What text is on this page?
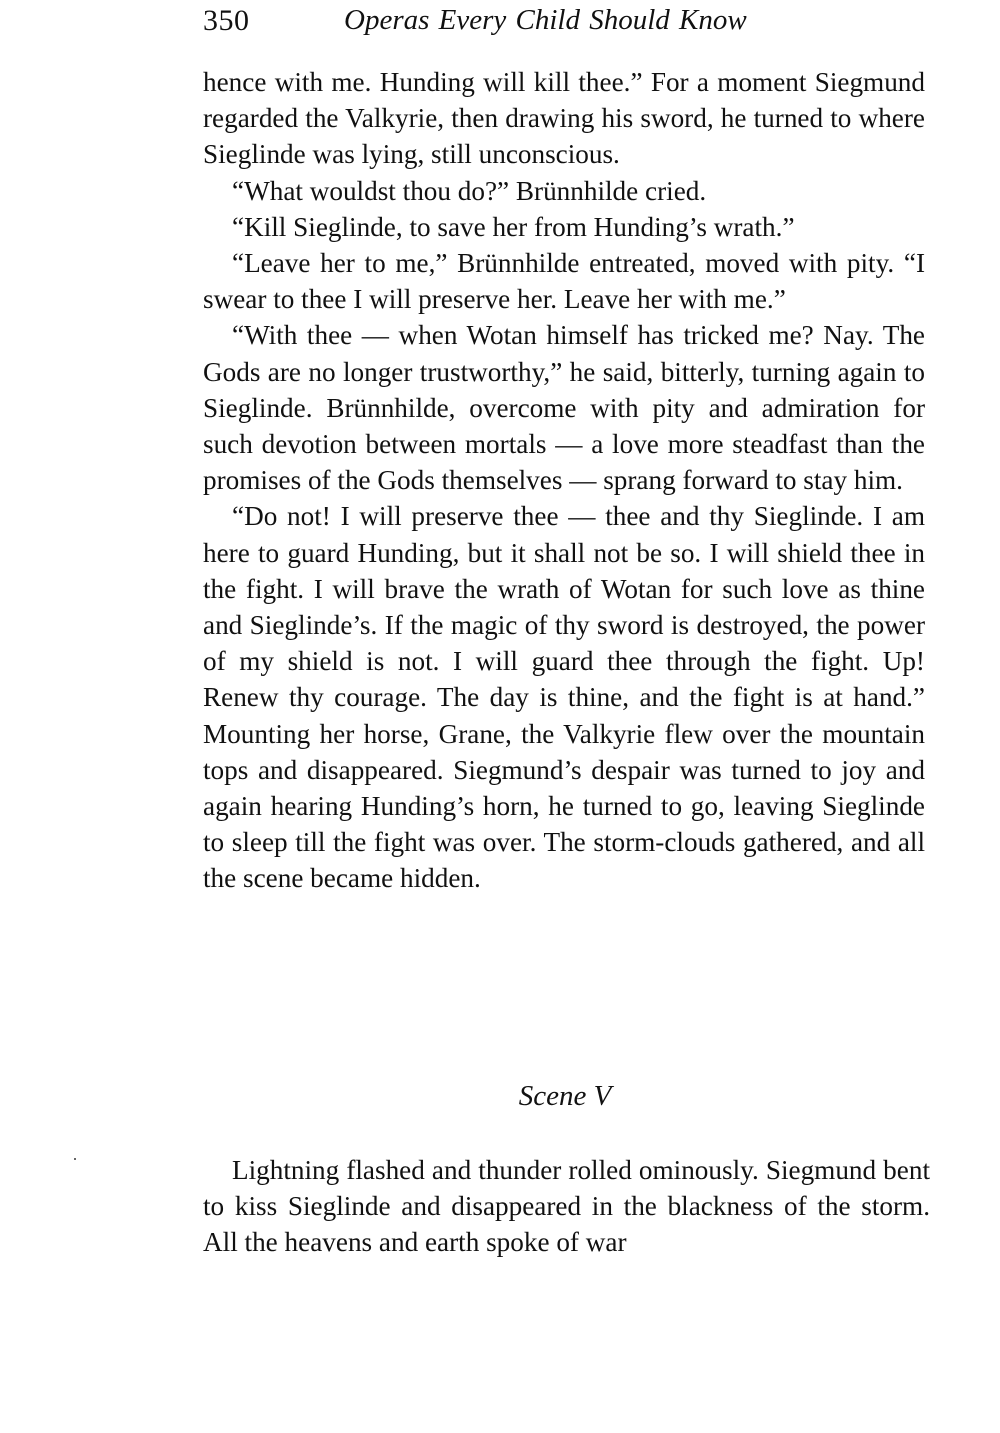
350	Operas Every Child Should Know

hence with me. Hunding will kill thee.” For a moment Siegmund regarded the Valkyrie, then drawing his sword, he turned to where Sieglinde was lying, still unconscious.

“What wouldst thou do?” Brünnhilde cried.

“Kill Sieglinde, to save her from Hunding’s wrath.”

“Leave her to me,” Brünnhilde entreated, moved with pity. “I swear to thee I will preserve her. Leave her with me.”

“With thee — when Wotan himself has tricked me? Nay. The Gods are no longer trustworthy,” he said, bitterly, turning again to Sieglinde. Brünnhilde, overcome with pity and admiration for such devotion between mortals — a love more steadfast than the promises of the Gods themselves — sprang forward to stay him.

“Do not! I will preserve thee — thee and thy Sieglinde. I am here to guard Hunding, but it shall not be so. I will shield thee in the fight. I will brave the wrath of Wotan for such love as thine and Sieglinde’s. If the magic of thy sword is destroyed, the power of my shield is not. I will guard thee through the fight. Up! Renew thy courage. The day is thine, and the fight is at hand.” Mounting her horse, Grane, the Valkyrie flew over the mountain tops and disappeared. Siegmund’s despair was turned to joy and again hearing Hunding’s horn, he turned to go, leaving Sieglinde to sleep till the fight was over. The storm-clouds gathered, and all the scene became hidden.

Scene V

Lightning flashed and thunder rolled ominously. Siegmund bent to kiss Sieglinde and disappeared in the blackness of the storm. All the heavens and earth spoke of war
